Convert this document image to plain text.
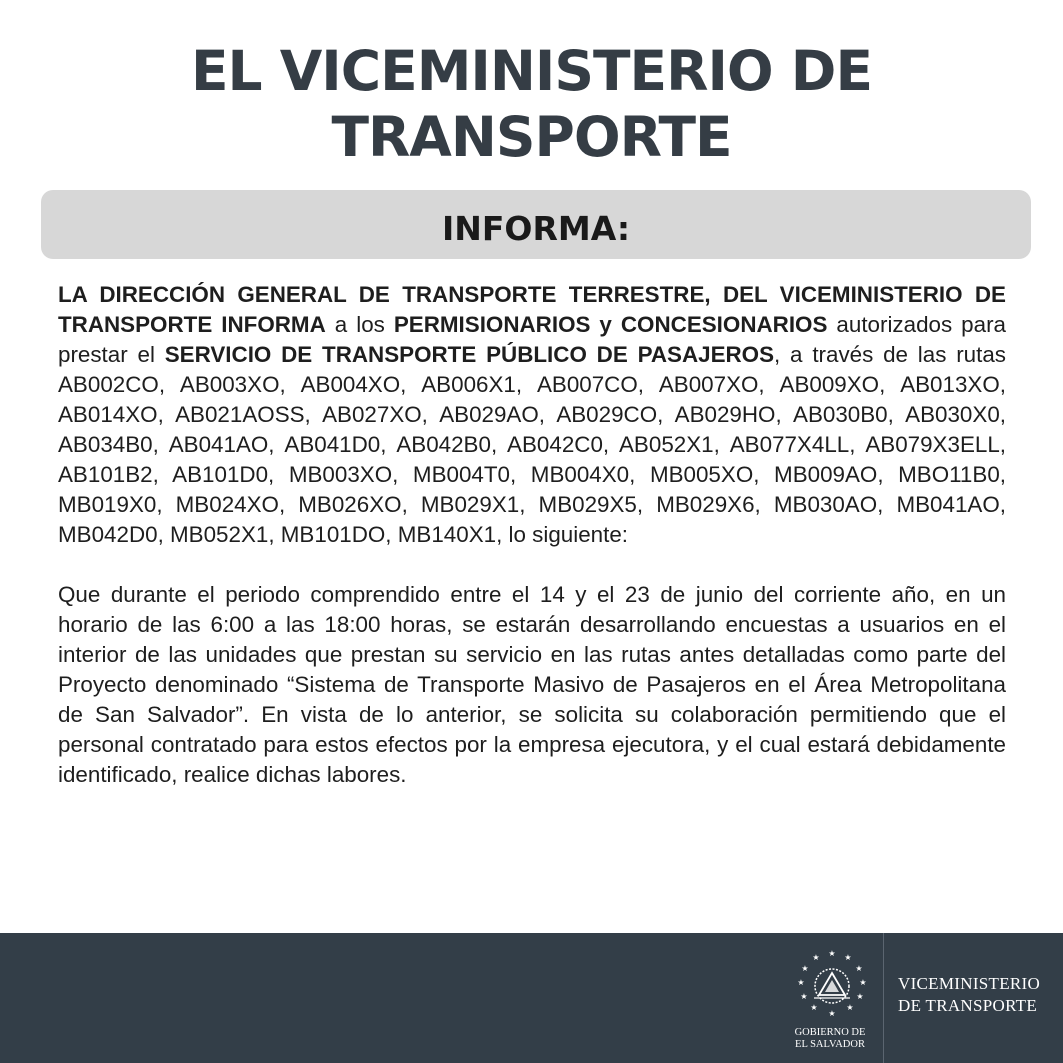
EL VICEMINISTERIO DE
TRANSPORTE
INFORMA:

LA DIRECCIÓN GENERAL DE TRANSPORTE TERRESTRE, DEL VICEMINISTERIO DE TRANSPORTE INFORMA a los PERMISIONARIOS y CONCESIONARIOS autorizados para prestar el SERVICIO DE TRANSPORTE PÚBLICO DE PASAJEROS, a través de las rutas AB002CO, AB003XO, AB004XO, AB006X1, AB007CO, AB007XO, AB009XO, AB013XO, AB014XO, AB021AOSS, AB027XO, AB029AO, AB029CO, AB029HO, AB030B0, AB030X0, AB034B0, AB041AO, AB041D0, AB042B0, AB042C0, AB052X1, AB077X4LL, AB079X3ELL, AB101B2, AB101D0, MB003XO, MB004T0, MB004X0, MB005XO, MB009AO, MBO11B0, MB019X0, MB024XO, MB026XO, MB029X1, MB029X5, MB029X6, MB030AO, MB041AO, MB042D0, MB052X1, MB101DO, MB140X1, lo siguiente:

Que durante el periodo comprendido entre el 14 y el 23 de junio del corriente año, en un horario de las 6:00 a las 18:00 horas, se estarán desarrollando encuestas a usuarios en el interior de las unidades que prestan su servicio en las rutas antes detalladas como parte del Proyecto denominado “Sistema de Transporte Masivo de Pasajeros en el Área Metropolitana de San Salvador”. En vista de lo anterior, se solicita su colaboración permitiendo que el personal contratado para estos efectos por la empresa ejecutora, y el cual estará debidamente identificado, realice dichas labores.

★ ★
★
★
★
★
★
★
★
★
★
★
GOBIERNO DE
EL SALVADOR
VICEMINISTERIO
DE TRANSPORTE
